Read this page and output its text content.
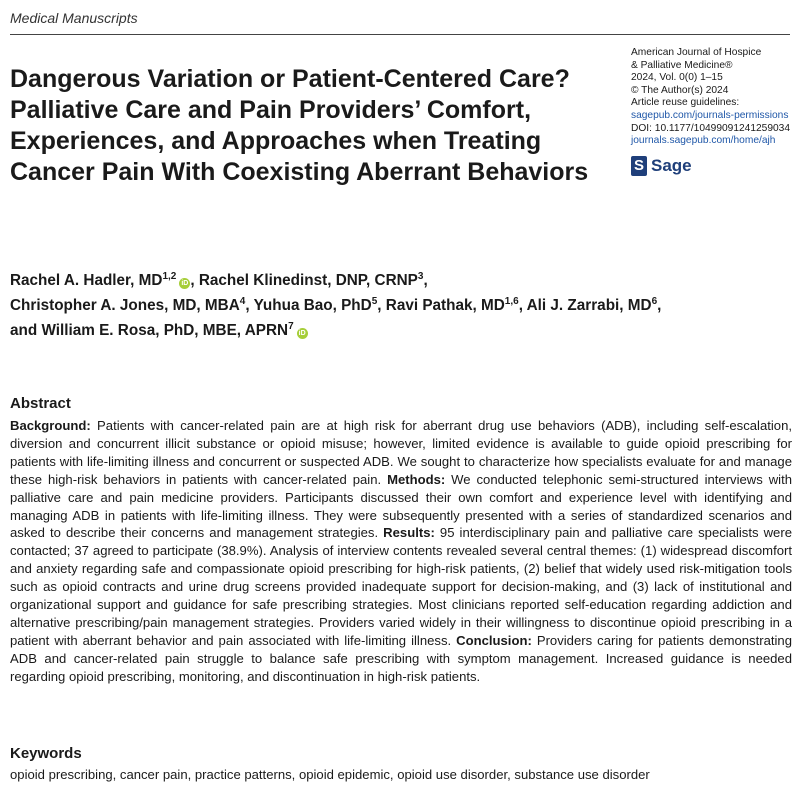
Medical Manuscripts
Dangerous Variation or Patient-Centered Care? Palliative Care and Pain Providers’ Comfort, Experiences, and Approaches when Treating Cancer Pain With Coexisting Aberrant Behaviors
American Journal of Hospice
& Palliative Medicine®
2024, Vol. 0(0) 1–15
© The Author(s) 2024
Article reuse guidelines:
sagepub.com/journals-permissions
DOI: 10.1177/10499091241259034
journals.sagepub.com/home/ajh
S Sage
Rachel A. Hadler, MD$^{1,2}$iD , Rachel Klinedinst, DNP, CRNP$^3$,
Christopher A. Jones, MD, MBA$^4$, Yuhua Bao, PhD$^5$, Ravi Pathak, MD$^{1,6}$, Ali J. Zarrabi, $MD^6$,
and William E. Rosa, PhD, MBE, APRN$^7$iD
Abstract
Background: Patients with cancer-related pain are at high risk for aberrant drug use behaviors (ADB), including self-escalation, diversion and concurrent illicit substance or opioid misuse; however, limited evidence is available to guide opioid prescribing for patients with life-limiting illness and concurrent or suspected ADB. We sought to characterize how specialists evaluate for and manage these high-risk behaviors in patients with cancer-related pain. Methods: We conducted telephonic semi-structured interviews with palliative care and pain medicine providers. Participants discussed their own comfort and experience level with identifying and managing ADB in patients with life-limiting illness. They were subsequently presented with a series of standardized scenarios and asked to describe their concerns and management strategies. Results: 95 interdisciplinary pain and palliative care specialists were contacted; 37 agreed to participate (38.9%). Analysis of interview contents revealed several central themes: (1) widespread discomfort and anxiety regarding safe and compassionate opioid prescribing for high-risk patients, (2) belief that widely used risk-mitigation tools such as opioid contracts and urine drug screens provided inadequate support for decision-making, and (3) lack of institutional and organizational support and guidance for safe prescribing strategies. Most clinicians reported self-education regarding addiction and alternative prescribing/pain management strategies. Providers varied widely in their willingness to discontinue opioid prescribing in a patient with aberrant behavior and pain associated with life-limiting illness. Conclusion: Providers caring for patients demonstrating ADB and cancer-related pain struggle to balance safe prescribing with symptom management. Increased guidance is needed regarding opioid prescribing, monitoring, and discontinuation in high-risk patients.
Keywords
opioid prescribing, cancer pain, practice patterns, opioid epidemic, opioid use disorder, substance use disorder
